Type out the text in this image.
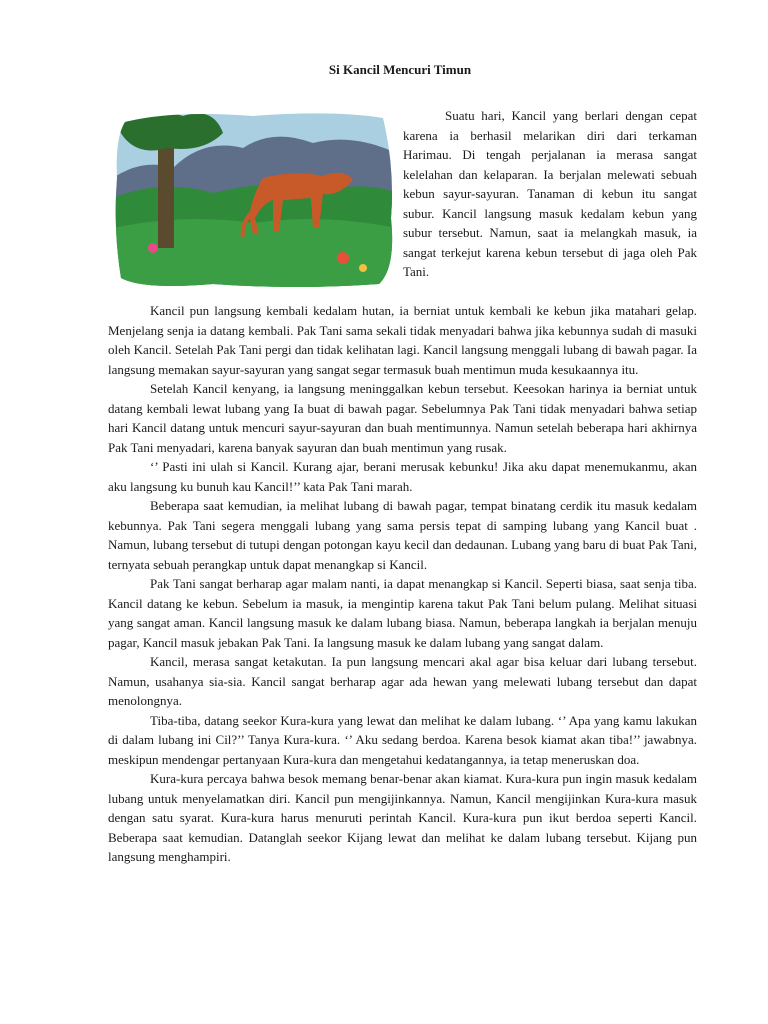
Si Kancil Mencuri Timun

Suatu hari, Kancil yang berlari dengan cepat karena ia berhasil melarikan diri dari terkaman Harimau. Di tengah perjalanan ia merasa sangat kelelahan dan kelaparan. Ia berjalan melewati sebuah kebun sayur-sayuran. Tanaman di kebun itu sangat subur. Kancil langsung masuk kedalam kebun yang subur tersebut. Namun, saat ia melangkah masuk, ia sangat terkejut karena kebun tersebut di jaga oleh Pak Tani.

Kancil pun langsung kembali kedalam hutan, ia berniat untuk kembali ke kebun jika matahari gelap. Menjelang senja ia datang kembali. Pak Tani sama sekali tidak menyadari bahwa jika kebunnya sudah di masuki oleh Kancil. Setelah Pak Tani pergi dan tidak kelihatan lagi. Kancil langsung menggali lubang di bawah pagar. Ia langsung memakan sayur-sayuran yang sangat segar termasuk buah mentimun muda kesukaannya itu.

Setelah Kancil kenyang, ia langsung meninggalkan kebun tersebut. Keesokan harinya ia berniat untuk datang kembali lewat lubang yang Ia buat di bawah pagar. Sebelumnya Pak Tani tidak menyadari bahwa setiap hari Kancil datang untuk mencuri sayur-sayuran dan buah mentimunnya. Namun setelah beberapa hari akhirnya Pak Tani menyadari, karena banyak sayuran dan buah mentimun yang rusak.

‘’ Pasti ini ulah si Kancil. Kurang ajar, berani merusak kebunku! Jika aku dapat menemukanmu, akan aku langsung ku bunuh kau Kancil!’’ kata Pak Tani marah.

Beberapa saat kemudian, ia melihat lubang di bawah pagar, tempat binatang cerdik itu masuk kedalam kebunnya. Pak Tani segera menggali lubang yang sama persis tepat di samping lubang yang Kancil buat . Namun, lubang tersebut di tutupi dengan potongan kayu kecil dan dedaunan. Lubang yang baru di buat Pak Tani, ternyata sebuah perangkap untuk dapat menangkap si Kancil.

Pak Tani sangat berharap agar malam nanti, ia dapat menangkap si Kancil. Seperti biasa, saat senja tiba. Kancil datang ke kebun. Sebelum ia masuk, ia mengintip karena takut Pak Tani belum pulang. Melihat situasi yang sangat aman. Kancil langsung masuk ke dalam lubang biasa. Namun, beberapa langkah ia berjalan menuju pagar, Kancil masuk jebakan Pak Tani. Ia langsung masuk ke dalam lubang yang sangat dalam.

Kancil, merasa sangat ketakutan. Ia pun langsung mencari akal agar bisa keluar dari lubang tersebut. Namun, usahanya sia-sia. Kancil sangat berharap agar ada hewan yang melewati lubang tersebut dan dapat menolongnya.

Tiba-tiba, datang seekor Kura-kura yang lewat dan melihat ke dalam lubang. ‘’ Apa yang kamu lakukan di dalam lubang ini Cil?’’ Tanya Kura-kura. ‘’ Aku sedang berdoa. Karena besok kiamat akan tiba!’’ jawabnya. meskipun mendengar pertanyaan Kura-kura dan mengetahui kedatangannya, ia tetap meneruskan doa.

Kura-kura percaya bahwa besok memang benar-benar akan kiamat. Kura-kura pun ingin masuk kedalam lubang untuk menyelamatkan diri. Kancil pun mengijinkannya. Namun, Kancil mengijinkan Kura-kura masuk dengan satu syarat. Kura-kura harus menuruti perintah Kancil. Kura-kura pun ikut berdoa seperti Kancil. Beberapa saat kemudian. Datanglah seekor Kijang lewat dan melihat ke dalam lubang tersebut. Kijang pun langsung menghampiri.
